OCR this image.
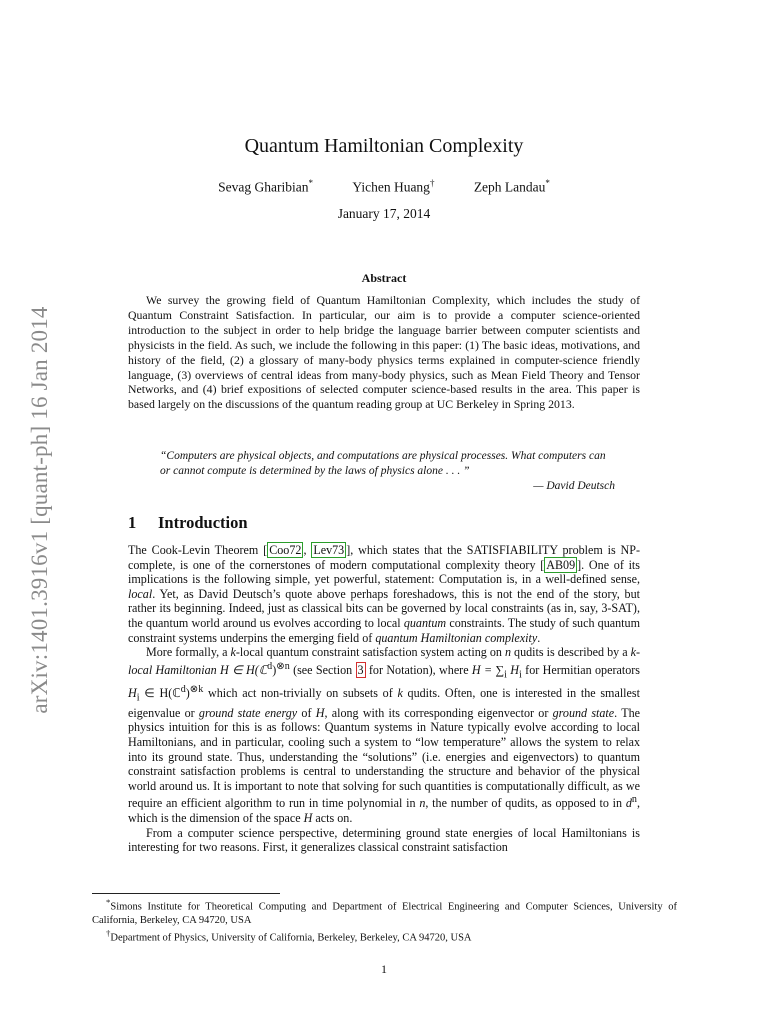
arXiv:1401.3916v1 [quant-ph] 16 Jan 2014
Quantum Hamiltonian Complexity
Sevag Gharibian*	Yichen Huang†	Zeph Landau*
January 17, 2014
Abstract

We survey the growing field of Quantum Hamiltonian Complexity, which includes the study of Quantum Constraint Satisfaction. In particular, our aim is to provide a computer science-oriented introduction to the subject in order to help bridge the language barrier between computer scientists and physicists in the field. As such, we include the following in this paper: (1) The basic ideas, motivations, and history of the field, (2) a glossary of many-body physics terms explained in computer-science friendly language, (3) overviews of central ideas from many-body physics, such as Mean Field Theory and Tensor Networks, and (4) brief expositions of selected computer science-based results in the area. This paper is based largely on the discussions of the quantum reading group at UC Berkeley in Spring 2013.

“Computers are physical objects, and computations are physical processes. What computers can or cannot compute is determined by the laws of physics alone . . . ”

— David Deutsch

1 Introduction

The Cook-Levin Theorem [ Coo72 , Lev73 ], which states that the SATISFIABILITY problem is NP-complete, is one of the cornerstones of modern computational complexity theory [ AB09 ]. One of its implications is the following simple, yet powerful, statement: Computation is, in a well-defined sense, local. Yet, as David Deutsch’s quote above perhaps foreshadows, this is not the end of the story, but rather its beginning. Indeed, just as classical bits can be governed by local constraints (as in, say, 3-SAT), the quantum world around us evolves according to local quantum constraints. The study of such quantum constraint systems underpins the emerging field of quantum Hamiltonian complexity.

More formally, a k-local quantum constraint satisfaction system acting on n qudits is described by a k-local Hamiltonian H ∈ H(ℂ$^d$)$^{\otimes n}$ (see Section 3 for Notation), where $H = \sum_i$ $H_i$ for Hermitian operators $H_i$ ∈ H(ℂ$^d$)$^{\otimes k}$ which act non-trivially on subsets of k qudits. Often, one is interested in the smallest eigenvalue or ground state energy of H, along with its corresponding eigenvector or ground state. The physics intuition for this is as follows: Quantum systems in Nature typically evolve according to local Hamiltonians, and in particular, cooling such a system to “low temperature” allows the system to relax into its ground state. Thus, understanding the “solutions” (i.e. energies and eigenvectors) to quantum constraint satisfaction problems is central to understanding the structure and behavior of the physical world around us. It is important to note that solving for such quantities is computationally difficult, as we require an efficient algorithm to run in time polynomial in n, the number of qudits, as opposed to in $d^n$, which is the dimension of the space H acts on.

From a computer science perspective, determining ground state energies of local Hamiltonians is interesting for two reasons. First, it generalizes classical constraint satisfaction

*Simons Institute for Theoretical Computing and Department of Electrical Engineering and Computer Sciences, University of California, Berkeley, CA 94720, USA

†Department of Physics, University of California, Berkeley, Berkeley, CA 94720, USA

1
